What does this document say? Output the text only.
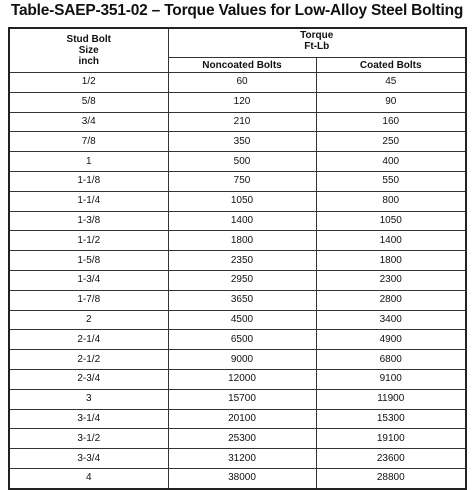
Table-SAEP-351-02 – Torque Values for Low-Alloy Steel Bolting
Stud Bolt
Size
inch	Torque
Ft-Lb	

	Noncoated Bolts	Coated Bolts
1/2	60	45
5/8	120	90
3/4	210	160
7/8	350	250
1	500	400
1-1/8	750	550
1-1/4	1050	800
1-3/8	1400	1050
1-1/2	1800	1400
1-5/8	2350	1800
1-3/4	2950	2300
1-7/8	3650	2800
2	4500	3400
2-1/4	6500	4900
2-1/2	9000	6800
2-3/4	12000	9100
3	15700	11900
3-1/4	20100	15300
3-1/2	25300	19100
3-3/4	31200	23600
4	38000	28800
